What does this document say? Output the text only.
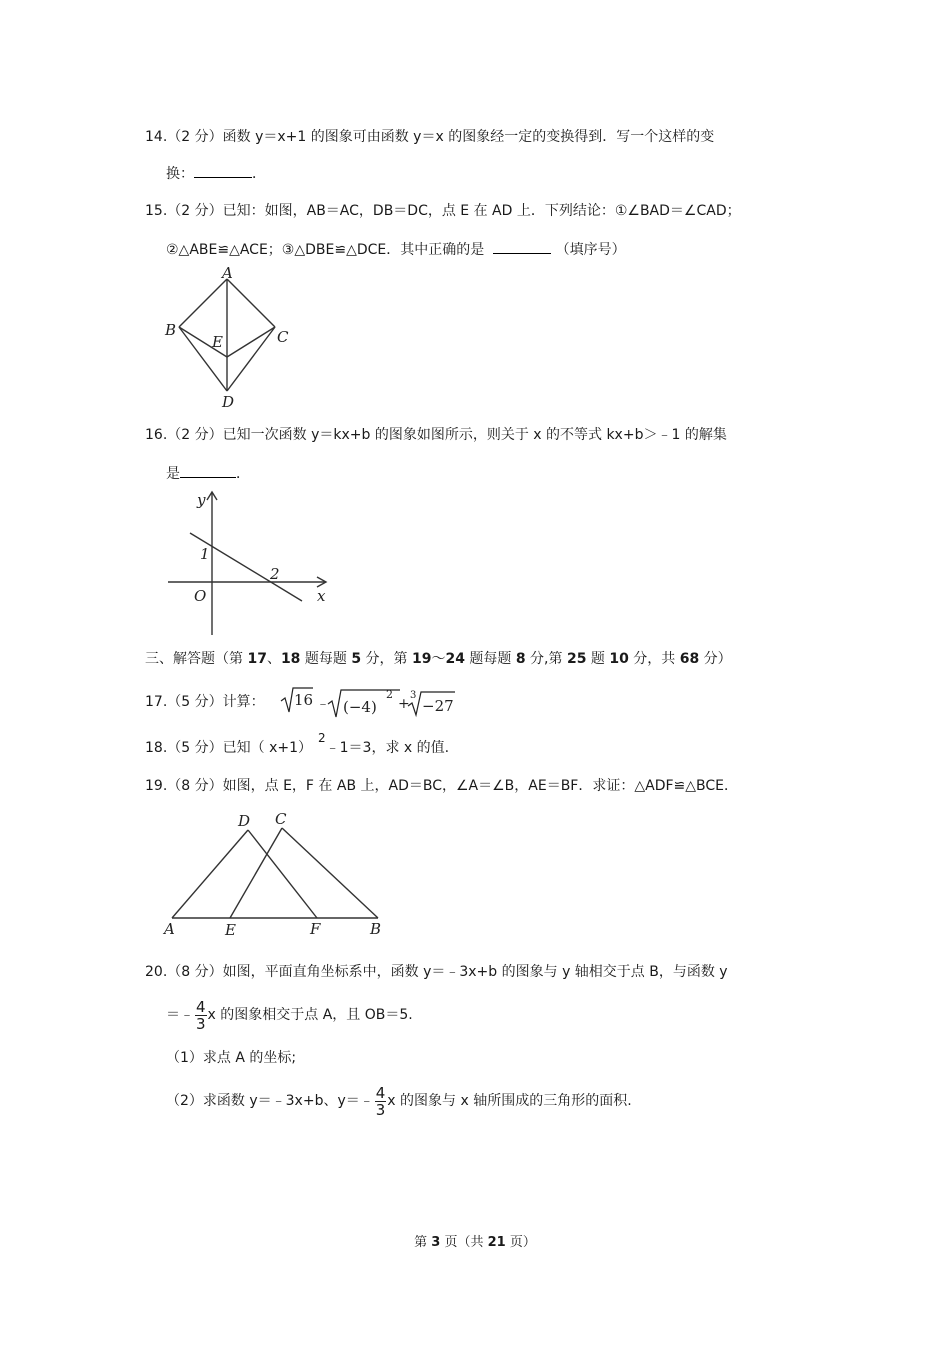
14.（2 分）函数 y＝x+1 的图象可由函数 y＝x 的图象经一定的变换得到．写一个这样的变
换：	．
15.（2 分）已知：如图，AB＝AC，DB＝DC，点 E 在 AD 上．下列结论：①∠BAD＝∠CAD；
②△ABE≌△ACE；③△DBE≌△DCE．其中正确的是	（填序号）
A
B	C
D
E
16.（2 分）已知一次函数 y＝kx+b 的图象如图所示，则关于 x 的不等式 kx+b＞﹣1 的解集
是	．
y
x
O
1
2
三、解答题（第 17、18 题每题 5 分，第 19～24 题每题 8 分,第 25 题 10 分，共 68 分）
17.（5 分）计算： 16 ﹣ (−4)
2
+
3
−27
18.（5 分）已知（ x+1）2﹣1＝3，求 x 的值.
19.（8 分）如图，点 E，F 在 AB 上，AD＝BC，∠A＝∠B，AE＝BF．求证：△ADF≌△BCE．
D C
A	E	F	B
20.（8 分）如图，平面直角坐标系中，函数 y＝﹣3x+b 的图象与 y 轴相交于点 B，与函数 y
＝﹣ $\frac{4}{3}$ x 的图象相交于点 A，且 OB＝5.
（1）求点 A 的坐标;
（2）求函数 y＝﹣3x+b、y＝﹣ $\frac{4}{3}$ x 的图象与 x 轴所围成的三角形的面积.
第 3 页（共 21 页）
